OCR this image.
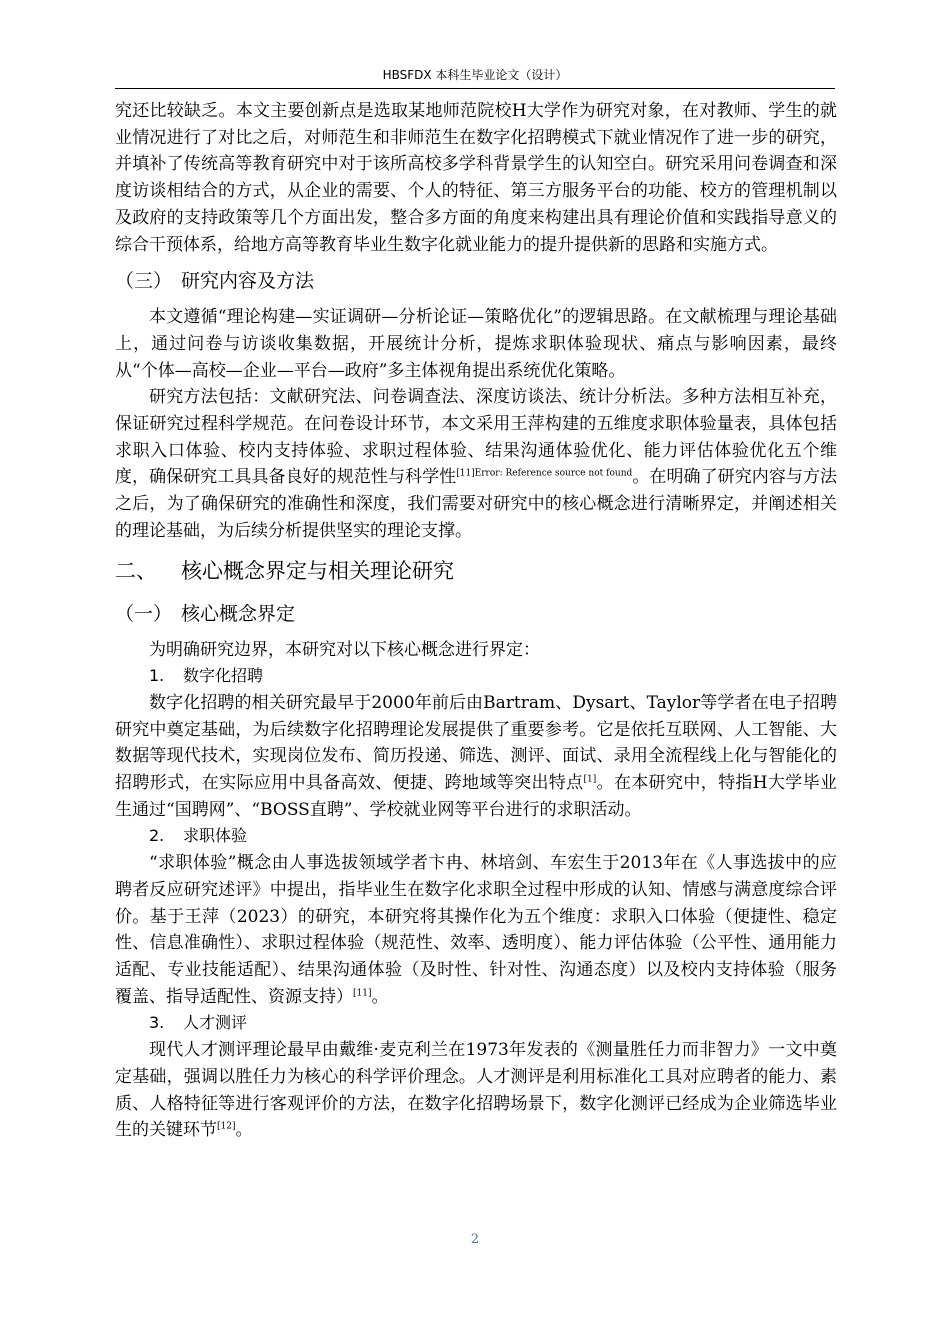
HBSFDX 本科生毕业论文（设计）

究还比较缺乏。本文主要创新点是选取某地师范院校H大学作为研究对象，在对教师、学生的就业情况进行了对比之后，对师范生和非师范生在数字化招聘模式下就业情况作了进一步的研究，并填补了传统高等教育研究中对于该所高校多学科背景学生的认知空白。研究采用问卷调查和深度访谈相结合的方式，从企业的需要、个人的特征、第三方服务平台的功能、校方的管理机制以及政府的支持政策等几个方面出发，整合多方面的角度来构建出具有理论价值和实践指导意义的综合干预体系，给地方高等教育毕业生数字化就业能力的提升提供新的思路和实施方式。

（三） 研究内容及方法

本文遵循“理论构建—实证调研—分析论证—策略优化”的逻辑思路。在文献梳理与理论基础上，通过问卷与访谈收集数据，开展统计分析，提炼求职体验现状、痛点与影响因素，最终从“个体—高校—企业—平台—政府”多主体视角提出系统优化策略。

研究方法包括：文献研究法、问卷调查法、深度访谈法、统计分析法。多种方法相互补充，保证研究过程科学规范。在问卷设计环节，本文采用王萍构建的五维度求职体验量表，具体包括求职入口体验、校内支持体验、求职过程体验、结果沟通体验优化、能力评估体验优化五个维度，确保研究工具具备良好的规范性与科学性$^{[11]Error: Reference source not found}$。在明确了研究内容与方法之后，为了确保研究的准确性和深度，我们需要对研究中的核心概念进行清晰界定，并阐述相关的理论基础，为后续分析提供坚实的理论支撑。

二、 核心概念界定与相关理论研究
（一） 核心概念界定

为明确研究边界，本研究对以下核心概念进行界定：

1. 数字化招聘

数字化招聘的相关研究最早于2000年前后由Bartram、Dysart、Taylor等学者在电子招聘研究中奠定基础，为后续数字化招聘理论发展提供了重要参考。它是依托互联网、人工智能、大数据等现代技术，实现岗位发布、简历投递、筛选、测评、面试、录用全流程线上化与智能化的招聘形式，在实际应用中具备高效、便捷、跨地域等突出特点[1]。在本研究中，特指H大学毕业生通过“国聘网”、“BOSS直聘”、学校就业网等平台进行的求职活动。

2. 求职体验

“求职体验”概念由人事选拔领域学者卞冉、林培剑、车宏生于2013年在《人事选拔中的应聘者反应研究述评》中提出，指毕业生在数字化求职全过程中形成的认知、情感与满意度综合评价。基于王萍（2023）的研究，本研究将其操作化为五个维度：求职入口体验（便捷性、稳定性、信息准确性）、求职过程体验（规范性、效率、透明度）、能力评估体验（公平性、通用能力适配、专业技能适配）、结果沟通体验（及时性、针对性、沟通态度）以及校内支持体验（服务覆盖、指导适配性、资源支持）[11]。

3. 人才测评

现代人才测评理论最早由戴维·麦克利兰在1973年发表的《测量胜任力而非智力》一文中奠定基础，强调以胜任力为核心的科学评价理念。人才测评是利用标准化工具对应聘者的能力、素质、人格特征等进行客观评价的方法，在数字化招聘场景下，数字化测评已经成为企业筛选毕业生的关键环节[12]。

2
